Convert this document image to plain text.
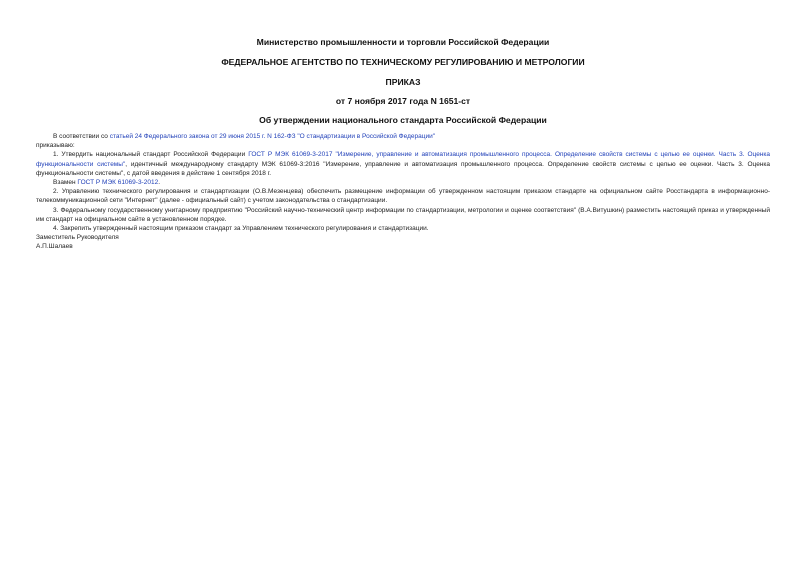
Министерство промышленности и торговли Российской Федерации
ФЕДЕРАЛЬНОЕ АГЕНТСТВО ПО ТЕХНИЧЕСКОМУ РЕГУЛИРОВАНИЮ И МЕТРОЛОГИИ
ПРИКАЗ
от 7 ноября 2017 года N 1651-ст
Об утверждении национального стандарта Российской Федерации

В соответствии со статьей 24 Федерального закона от 29 июня 2015 г. N 162-ФЗ "О стандартизации в Российской Федерации"

приказываю:

1. Утвердить национальный стандарт Российской Федерации ГОСТ Р МЭК 61069-3-2017 "Измерение, управление и автоматизация промышленного процесса. Определение свойств системы с целью ее оценки. Часть 3. Оценка функциональности системы", идентичный международному стандарту МЭК 61069-3:2016 "Измерение, управление и автоматизация промышленного процесса. Определение свойств системы с целью ее оценки. Часть 3. Оценка функциональности системы", с датой введения в действие 1 сентября 2018 г.

Взамен ГОСТ Р МЭК 61069-3-2012.

2. Управлению технического регулирования и стандартизации (О.В.Мезенцева) обеспечить размещение информации об утвержденном настоящим приказом стандарте на официальном сайте Росстандарта в информационно-телекоммуникационной сети "Интернет" (далее - официальный сайт) с учетом законодательства о стандартизации.

3. Федеральному государственному унитарному предприятию "Российский научно-технический центр информации по стандартизации, метрологии и оценке соответствия" (В.А.Витушкин) разместить настоящий приказ и утвержденный им стандарт на официальном сайте в установленном порядке.

4. Закрепить утвержденный настоящим приказом стандарт за Управлением технического регулирования и стандартизации.

Заместитель Руководителя

А.П.Шалаев
